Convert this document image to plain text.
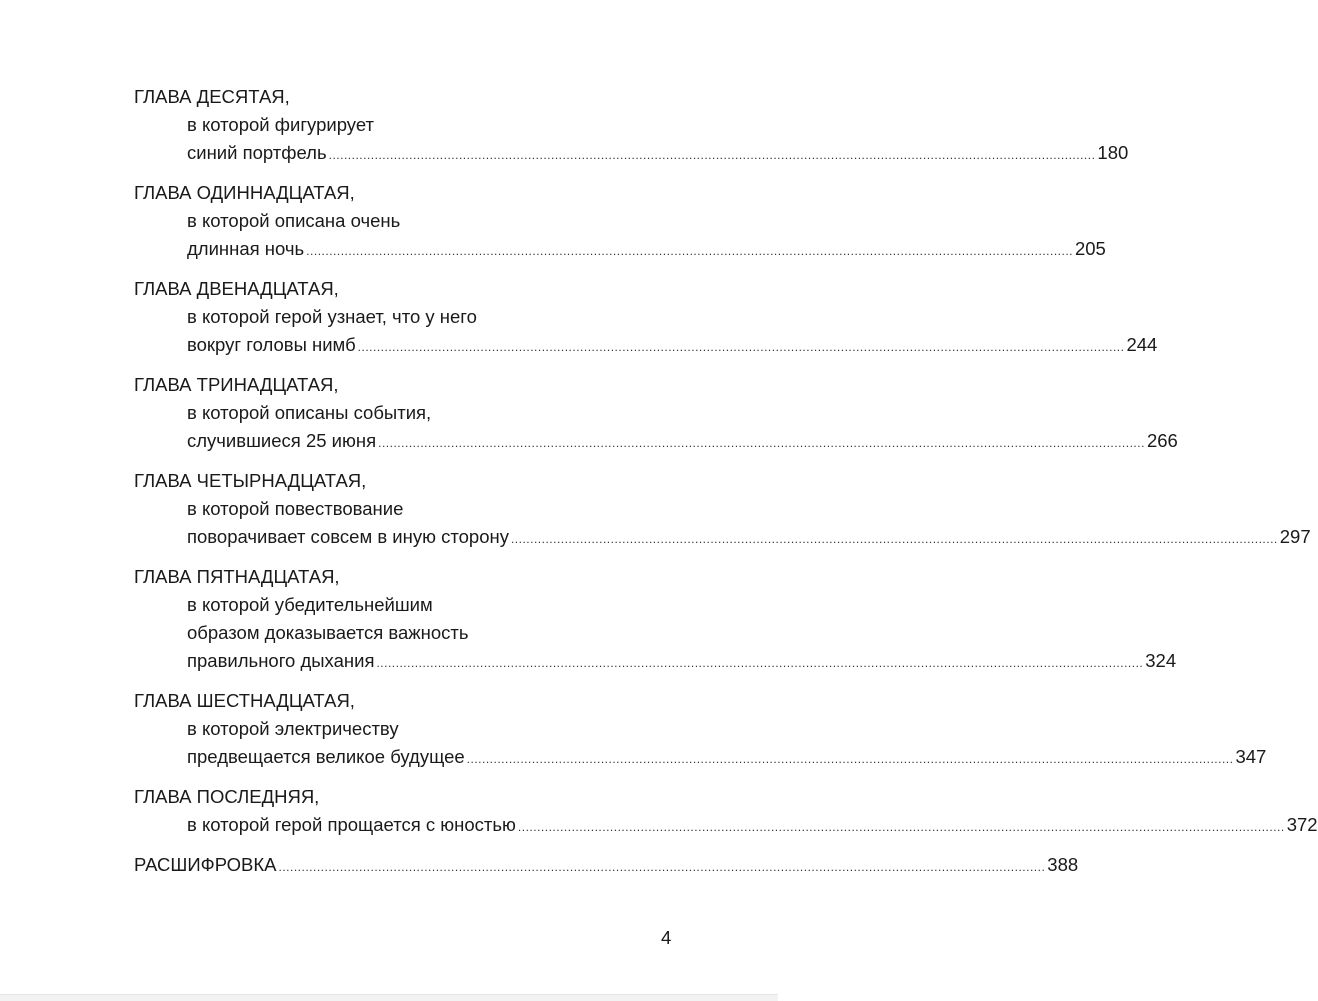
ГЛАВА ДЕСЯТАЯ,
в которой фигурирует
синий портфель ........................................................................................................................................................................................................ 180
ГЛАВА ОДИННАДЦАТАЯ,
в которой описана очень
длинная ночь ........................................................................................................................................................................................................ 205
ГЛАВА ДВЕНАДЦАТАЯ,
в которой герой узнает, что у него
вокруг головы нимб ........................................................................................................................................................................................................ 244
ГЛАВА ТРИНАДЦАТАЯ,
в которой описаны события,
случившиеся 25 июня ........................................................................................................................................................................................................ 266
ГЛАВА ЧЕТЫРНАДЦАТАЯ,
в которой повествование
поворачивает совсем в иную сторону ........................................................................................................................................................................................................ 297
ГЛАВА ПЯТНАДЦАТАЯ,
в которой убедительнейшим
образом доказывается важность
правильного дыхания ........................................................................................................................................................................................................ 324
ГЛАВА ШЕСТНАДЦАТАЯ,
в которой электричеству
предвещается великое будущее ........................................................................................................................................................................................................ 347
ГЛАВА ПОСЛЕДНЯЯ,
в которой герой прощается с юностью ........................................................................................................................................................................................................ 372
РАСШИФРОВКА ........................................................................................................................................................................................................ 388
4
